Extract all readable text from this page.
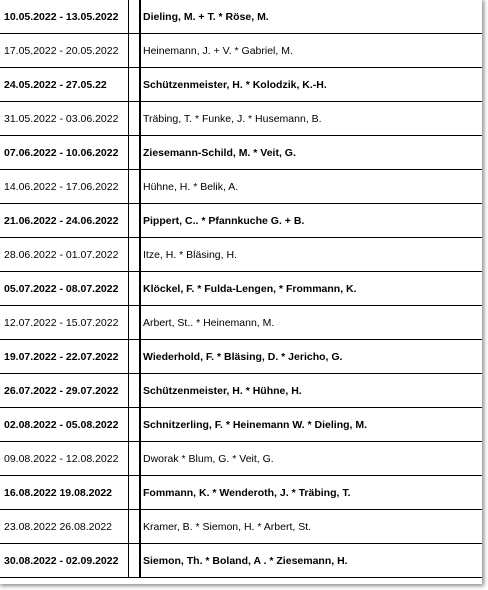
10.05.2022 - 13.05.2022		Dieling, M. + T. * Röse, M.
17.05.2022 - 20.05.2022		Heinemann, J. + V. * Gabriel, M.
24.05.2022 - 27.05.22		Schützenmeister, H. * Kolodzik, K.-H.
31.05.2022 - 03.06.2022		Träbing, T. * Funke, J. * Husemann, B.
07.06.2022 - 10.06.2022		Ziesemann-Schild, M. * Veit, G.
14.06.2022 - 17.06.2022		Hühne, H. * Belik, A.
21.06.2022 - 24.06.2022		Pippert, C.. * Pfannkuche G. + B.
28.06.2022 - 01.07.2022		Itze, H. * Bläsing, H.
05.07.2022 - 08.07.2022		Klöckel, F. * Fulda-Lengen, * Frommann, K.
12.07.2022 - 15.07.2022		Arbert, St.. * Heinemann, M.
19.07.2022 - 22.07.2022		Wiederhold, F. * Bläsing, D. * Jericho, G.
26.07.2022 - 29.07.2022		Schützenmeister, H. * Hühne, H.
02.08.2022 - 05.08.2022		Schnitzerling, F. * Heinemann W. * Dieling, M.
09.08.2022 - 12.08.2022		Dworak * Blum, G. * Veit, G.
16.08.2022 19.08.2022		Fommann, K. * Wenderoth, J. * Träbing, T.
23.08.2022 26.08.2022		Kramer, B. * Siemon, H. * Arbert, St.
30.08.2022 - 02.09.2022		Siemon, Th. * Boland, A . * Ziesemann, H.
